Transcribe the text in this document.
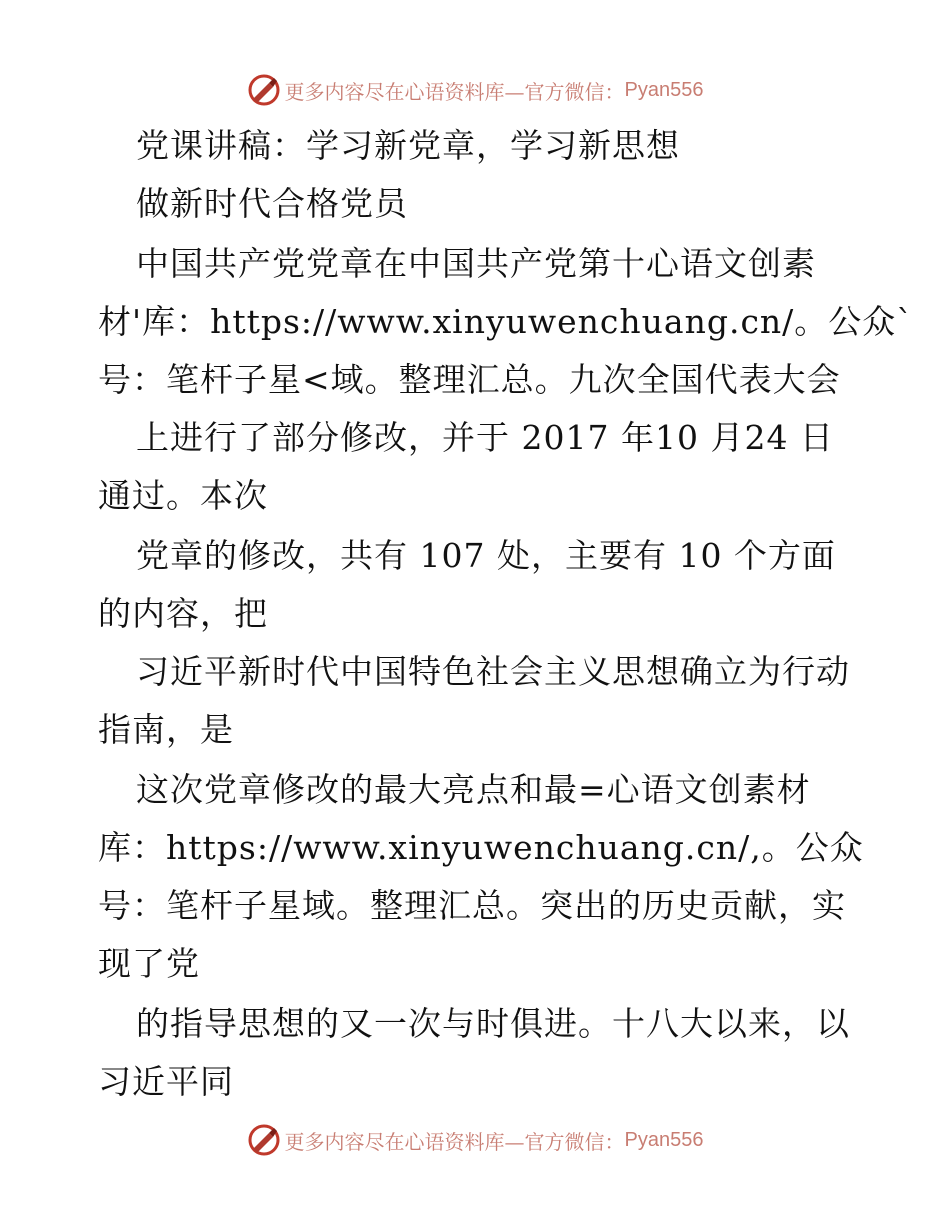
更多内容尽在心语资料库—官方微信： Pyan556
党课讲稿：学习新党章，学习新思想
做新时代合格党员
中国共产党党章在中国共产党第十心语文创素
材'库：https://www.xinyuwenchuang.cn/。公众`
号：笔杆子星<域。整理汇总。九次全国代表大会
上进行了部分修改，并于 2017 年10 月24 日
通过。本次
党章的修改，共有 107 处，主要有 10 个方面
的内容，把
习近平新时代中国特色社会主义思想确立为行动
指南，是
这次党章修改的最大亮点和最=心语文创素材
库：https://www.xinyuwenchuang.cn/,。公众
号：笔杆子星域。整理汇总。突出的历史贡献，实
现了党
的指导思想的又一次与时俱进。十八大以来，以
习近平同
更多内容尽在心语资料库—官方微信： Pyan556
